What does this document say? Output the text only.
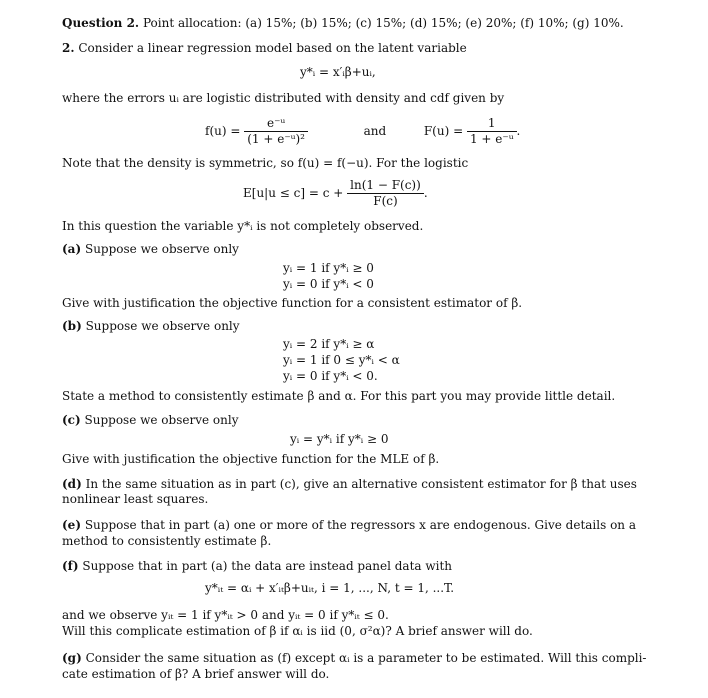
Question 2. Point allocation: (a) 15%; (b) 15%; (c) 15%; (d) 15%; (e) 20%; (f) 10%; (g) 10%.
2. Consider a linear regression model based on the latent variable
y*ᵢ = x′ᵢβ+uᵢ,
where the errors uᵢ are logistic distributed with density and cdf given by
$f(u) = \frac{\text{e⁻ᵘ}}{\text{(1 + e⁻ᵘ)²}}$	and	$F(u) = \frac{1}{\text{1 + e⁻ᵘ}}$ .
Note that the density is symmetric, so f(u) = f(−u). For the logistic
$E[u|u \le c] = c + \frac{\ln(1 - F(c))}{F(c)}$ .
In this question the variable y*ᵢ is not completely observed.
(a) Suppose we observe only
yᵢ = 1 if y*ᵢ ≥ 0
yᵢ = 0 if y*ᵢ < 0
Give with justiﬁcation the objective function for a consistent estimator of β.
(b) Suppose we observe only
yᵢ = 2 if y*ᵢ ≥ α
yᵢ = 1 if 0 ≤ y*ᵢ < α
yᵢ = 0 if y*ᵢ < 0.
State a method to consistently estimate β and α. For this part you may provide little detail.
(c) Suppose we observe only
yᵢ = y*ᵢ if y*ᵢ ≥ 0
Give with justiﬁcation the objective function for the MLE of β.
(d) In the same situation as in part (c), give an alternative consistent estimator for β that uses
nonlinear least squares.
(e) Suppose that in part (a) one or more of the regressors x are endogenous. Give details on a
method to consistently estimate β.
(f) Suppose that in part (a) the data are instead panel data with
y*ᵢₜ = αᵢ + x′ᵢₜβ+uᵢₜ, i = 1, ..., N, t = 1, ...T.
and we observe yᵢₜ = 1 if y*ᵢₜ > 0 and yᵢₜ = 0 if y*ᵢₜ ≤ 0.
Will this complicate estimation of β if αᵢ is iid (0, σ²α)? A brief answer will do.
(g) Consider the same situation as (f) except αᵢ is a parameter to be estimated. Will this compli-
cate estimation of β? A brief answer will do.
